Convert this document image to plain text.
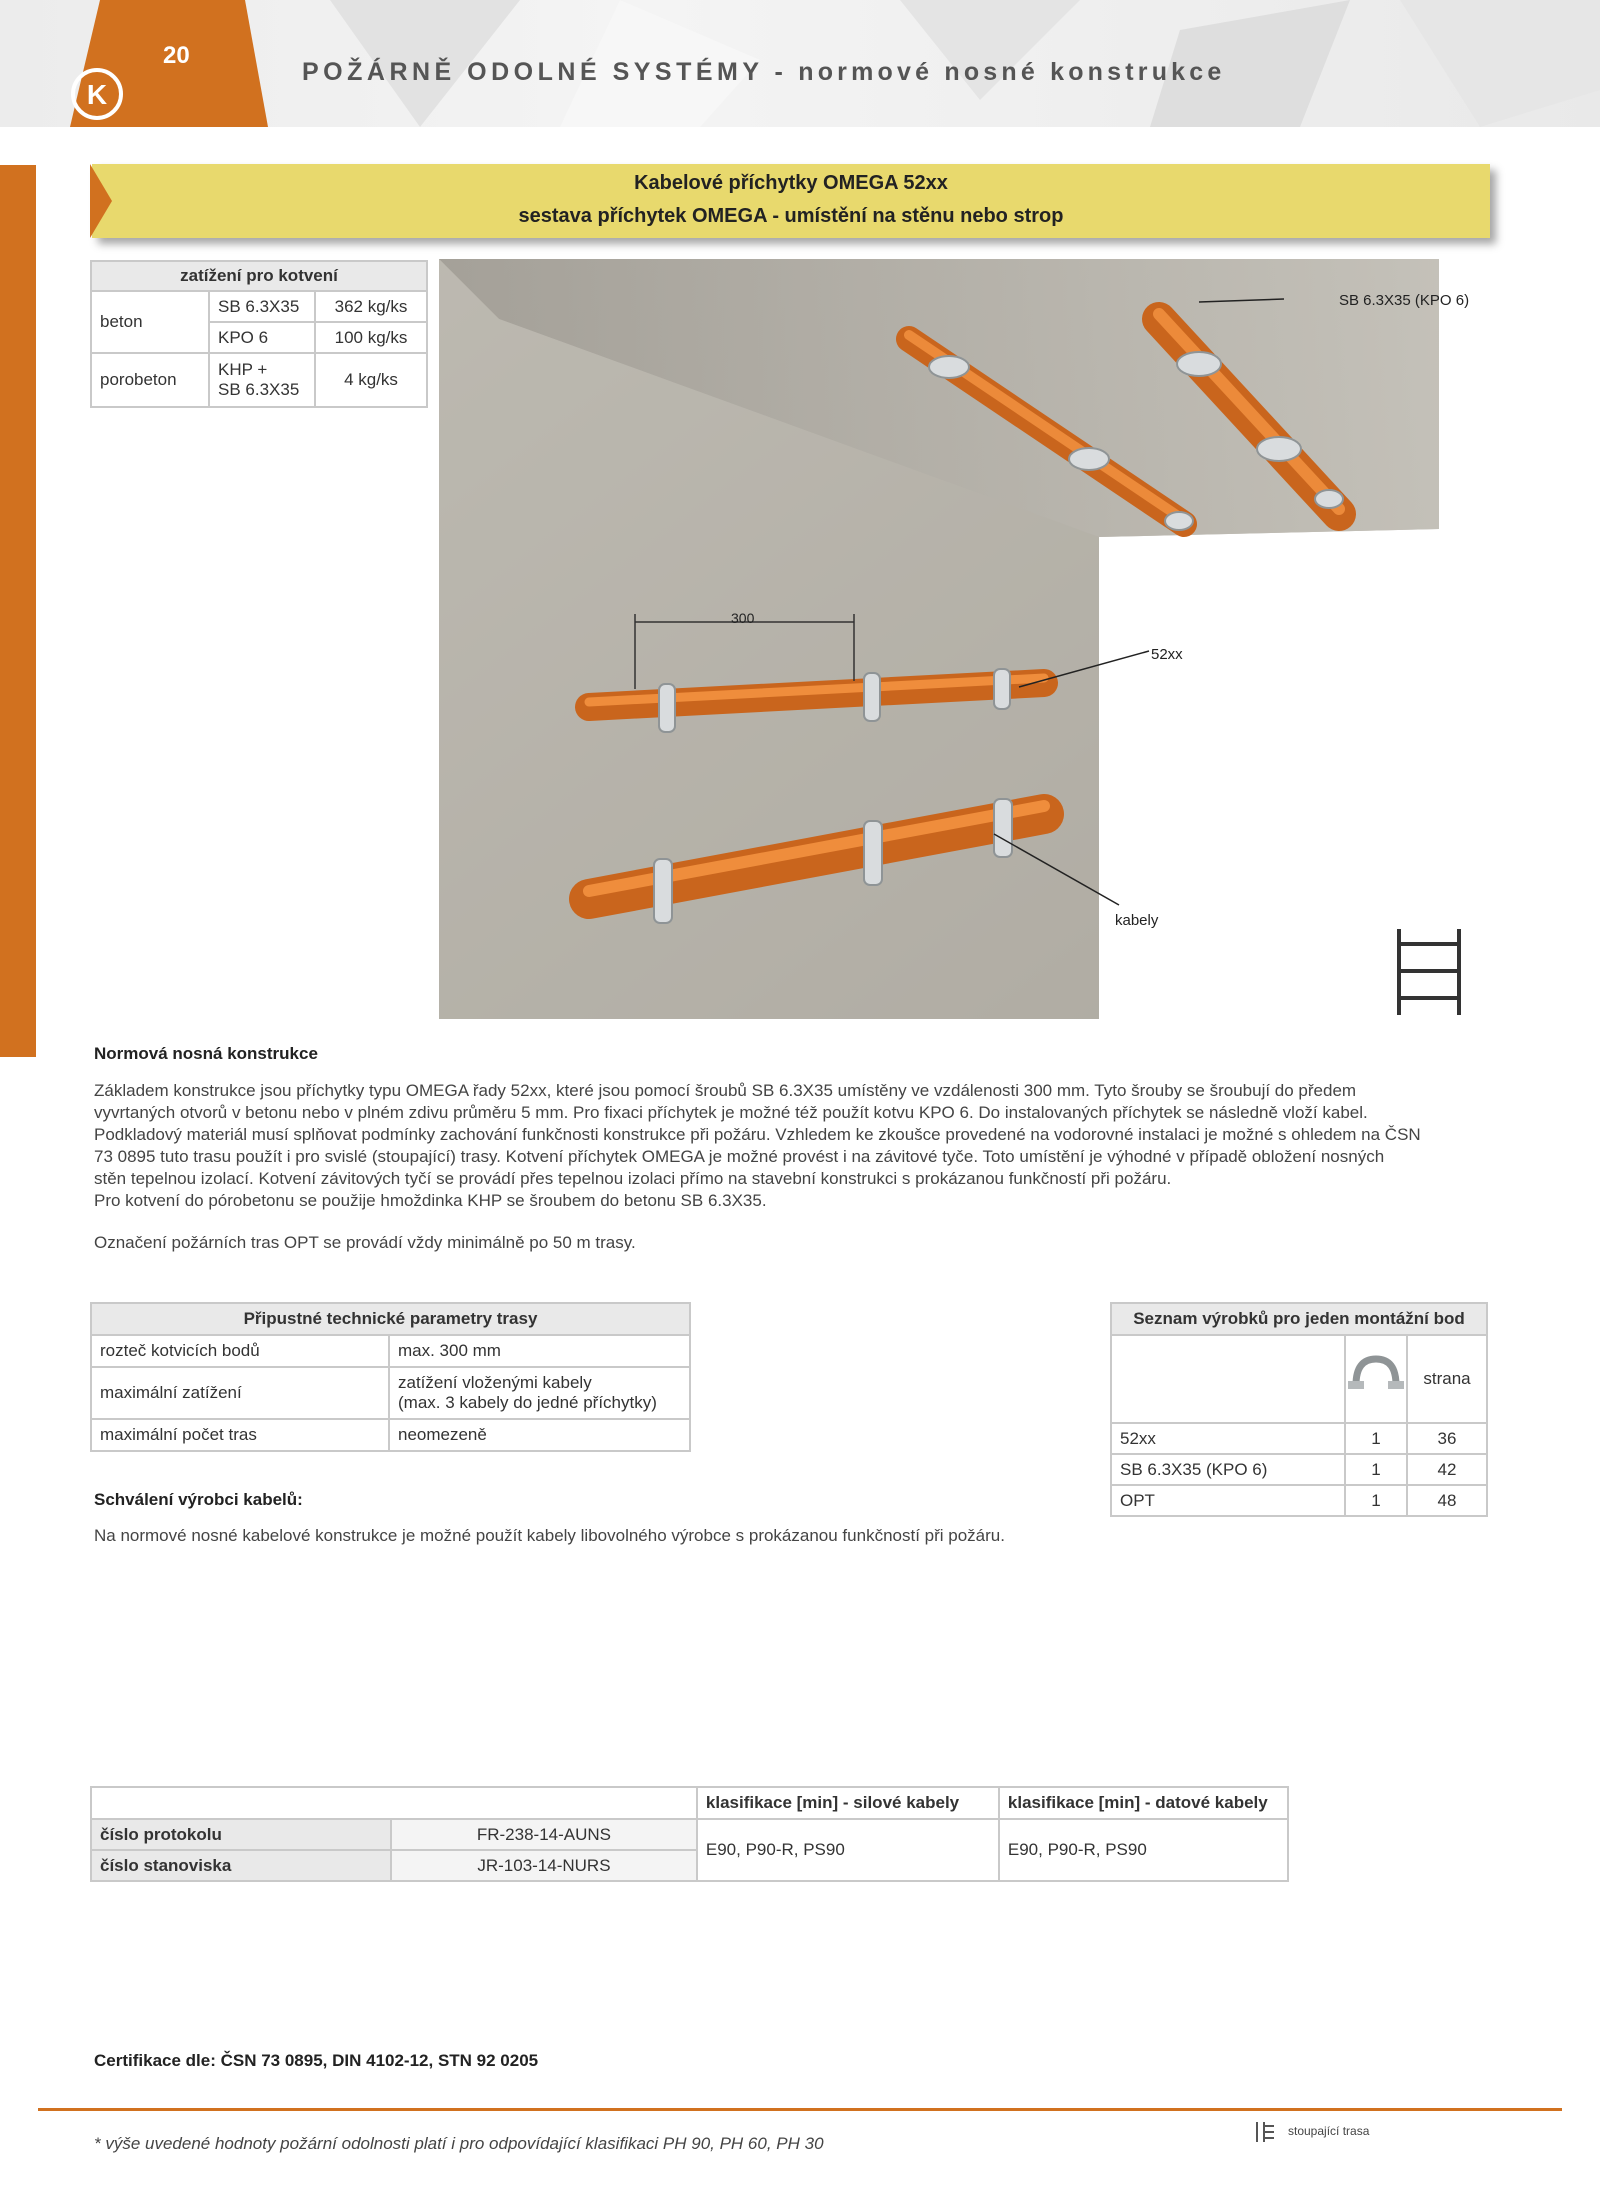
20
K
POŽÁRNĚ ODOLNÉ SYSTÉMY - normové nosné konstrukce
Kabelové příchytky OMEGA 52xx
sestava příchytek OMEGA - umístění na stěnu nebo strop
zatížení pro kotvení		
beton	SB 6.3X35	362 kg/ks
	KPO 6	100 kg/ks
porobeton	KHP +
SB 6.3X35	4 kg/ks
300
SB 6.3X35 (KPO 6)
52xx
kabely
Normová nosná konstrukce

Základem konstrukce jsou příchytky typu OMEGA řady 52xx, které jsou pomocí šroubů SB 6.3X35 umístěny ve vzdálenosti 300 mm. Tyto šrouby se šroubují do předem

vyvrtaných otvorů v betonu nebo v plném zdivu průměru 5 mm. Pro fixaci příchytek je možné též použít kotvu KPO 6. Do instalovaných příchytek se následně vloží kabel.

Podkladový materiál musí splňovat podmínky zachování funkčnosti konstrukce při požáru. Vzhledem ke zkoušce provedené na vodorovné instalaci je možné s ohledem na ČSN

73 0895 tuto trasu použít i pro svislé (stoupající) trasy. Kotvení příchytek OMEGA je možné provést i na závitové tyče. Toto umístění je výhodné v případě obložení nosných

stěn tepelnou izolací. Kotvení závitových tyčí se provádí přes tepelnou izolaci přímo na stavební konstrukci s prokázanou funkčností při požáru.

Pro kotvení do pórobetonu se použije hmoždinka KHP se šroubem do betonu SB 6.3X35.

Označení požárních tras OPT se provádí vždy minimálně po 50 m trasy.
Připustné technické parametry trasy	
rozteč kotvicích bodů	max. 300 mm
maximální zatížení	zatížení vloženými kabely
(max. 3 kabely do jedné příchytky)

maximální počet tras	neomezeně
Seznam výrobků pro jeden montážní bod		
		strana
52xx	1	36
SB 6.3X35 (KPO 6)	1	42
OPT	1	48
Schválení výrobci kabelů:
Na normové nosné kabelové konstrukce je možné použít kabely libovolného výrobce s prokázanou funkčností při požáru.
		klasifikace [min] - silové kabely	klasifikace [min] - datové kabely
číslo protokolu	FR-238-14-AUNS	E90, P90-R, PS90	E90, P90-R, PS90
číslo stanoviska	JR-103-14-NURS		
Certifikace dle: ČSN 73 0895, DIN 4102-12, STN 92 0205
* výše uvedené hodnoty požární odolnosti platí i pro odpovídající klasifikaci PH 90, PH 60, PH 30
stoupající trasa
